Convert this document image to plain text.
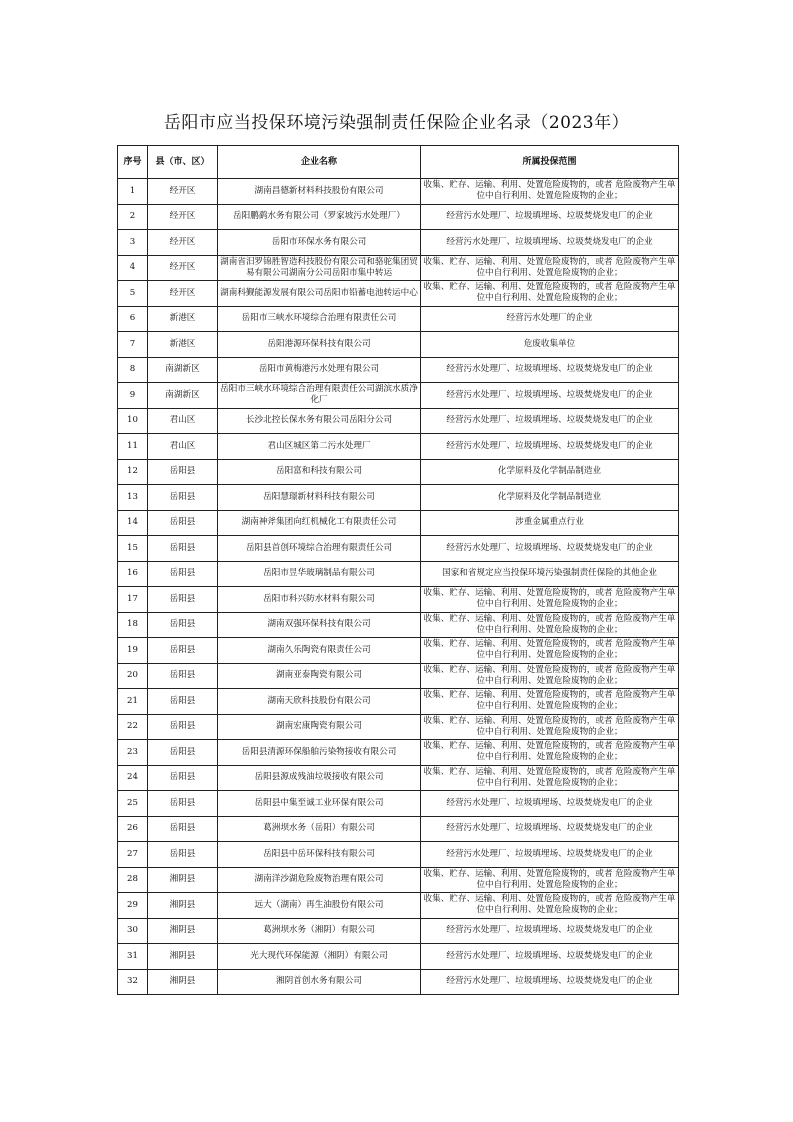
岳阳市应当投保环境污染强制责任保险企业名录（2023年）
序号	县（市、区）	企业名称	所属投保范围
1	经开区	湖南昌德新材料科技股份有限公司	收集、贮存、运输、利用、处置危险废物的，或者 危险废物产生单位中自行利用、处置危险废物的企业；
2	经开区	岳阳鹏鹞水务有限公司（罗家坡污水处理厂）	经营污水处理厂、垃圾填埋场、垃圾焚烧发电厂的企业
3	经开区	岳阳市环保水务有限公司	经营污水处理厂、垃圾填埋场、垃圾焚烧发电厂的企业
4	经开区	湖南省汨罗锦胜智造科技股份有限公司和骆驼集团贸易有限公司湖南分公司岳阳市集中转运	收集、贮存、运输、利用、处置危险废物的，或者 危险废物产生单位中自行利用、处置危险废物的企业；
5	经开区	湖南科觐能源发展有限公司岳阳市铅蓄电池转运中心	收集、贮存、运输、利用、处置危险废物的，或者 危险废物产生单位中自行利用、处置危险废物的企业；
6	新港区	岳阳市三峡水环境综合治理有限责任公司	经营污水处理厂的企业
7	新港区	岳阳港源环保科技有限公司	危废收集单位
8	南湖新区	岳阳市黄梅港污水处理有限公司	经营污水处理厂、垃圾填埋场、垃圾焚烧发电厂的企业
9	南湖新区	岳阳市三峡水环境综合治理有限责任公司湖滨水质净化厂	经营污水处理厂、垃圾填埋场、垃圾焚烧发电厂的企业
10	君山区	长沙北控长保水务有限公司岳阳分公司	经营污水处理厂、垃圾填埋场、垃圾焚烧发电厂的企业
11	君山区	君山区城区第二污水处理厂	经营污水处理厂、垃圾填埋场、垃圾焚烧发电厂的企业
12	岳阳县	岳阳富和科技有限公司	化学原料及化学制品制造业
13	岳阳县	岳阳慧璟新材料科技有限公司	化学原料及化学制品制造业
14	岳阳县	湖南神斧集团向红机械化工有限责任公司	涉重金属重点行业
15	岳阳县	岳阳县首创环境综合治理有限责任公司	经营污水处理厂、垃圾填埋场、垃圾焚烧发电厂的企业
16	岳阳县	岳阳市昱华玻璃制品有限公司	国家和省规定应当投保环境污染强制责任保险的其他企业
17	岳阳县	岳阳市科兴防水材料有限公司	收集、贮存、运输、利用、处置危险废物的，或者 危险废物产生单位中自行利用、处置危险废物的企业；
18	岳阳县	湖南双强环保科技有限公司	收集、贮存、运输、利用、处置危险废物的，或者 危险废物产生单位中自行利用、处置危险废物的企业；
19	岳阳县	湖南久乐陶瓷有限责任公司	收集、贮存、运输、利用、处置危险废物的，或者 危险废物产生单位中自行利用、处置危险废物的企业；
20	岳阳县	湖南亚泰陶瓷有限公司	收集、贮存、运输、利用、处置危险废物的，或者 危险废物产生单位中自行利用、处置危险废物的企业；
21	岳阳县	湖南天欣科技股份有限公司	收集、贮存、运输、利用、处置危险废物的，或者 危险废物产生单位中自行利用、处置危险废物的企业；
22	岳阳县	湖南宏康陶瓷有限公司	收集、贮存、运输、利用、处置危险废物的，或者 危险废物产生单位中自行利用、处置危险废物的企业；
23	岳阳县	岳阳县清源环保船舶污染物接收有限公司	收集、贮存、运输、利用、处置危险废物的，或者 危险废物产生单位中自行利用、处置危险废物的企业；
24	岳阳县	岳阳县源成残油垃圾接收有限公司	收集、贮存、运输、利用、处置危险废物的，或者 危险废物产生单位中自行利用、处置危险废物的企业；
25	岳阳县	岳阳县中集至诚工业环保有限公司	经营污水处理厂、垃圾填埋场、垃圾焚烧发电厂的企业
26	岳阳县	葛洲坝水务（岳阳）有限公司	经营污水处理厂、垃圾填埋场、垃圾焚烧发电厂的企业
27	岳阳县	岳阳县中岳环保科技有限公司	经营污水处理厂、垃圾填埋场、垃圾焚烧发电厂的企业
28	湘阴县	湖南洋沙湖危险废物治理有限公司	收集、贮存、运输、利用、处置危险废物的，或者 危险废物产生单位中自行利用、处置危险废物的企业；
29	湘阴县	远大（湖南）再生油股份有限公司	收集、贮存、运输、利用、处置危险废物的，或者 危险废物产生单位中自行利用、处置危险废物的企业；
30	湘阴县	葛洲坝水务（湘阴）有限公司	经营污水处理厂、垃圾填埋场、垃圾焚烧发电厂的企业
31	湘阴县	光大现代环保能源（湘阴）有限公司	经营污水处理厂、垃圾填埋场、垃圾焚烧发电厂的企业
32	湘阴县	湘阴首创水务有限公司	经营污水处理厂、垃圾填埋场、垃圾焚烧发电厂的企业
